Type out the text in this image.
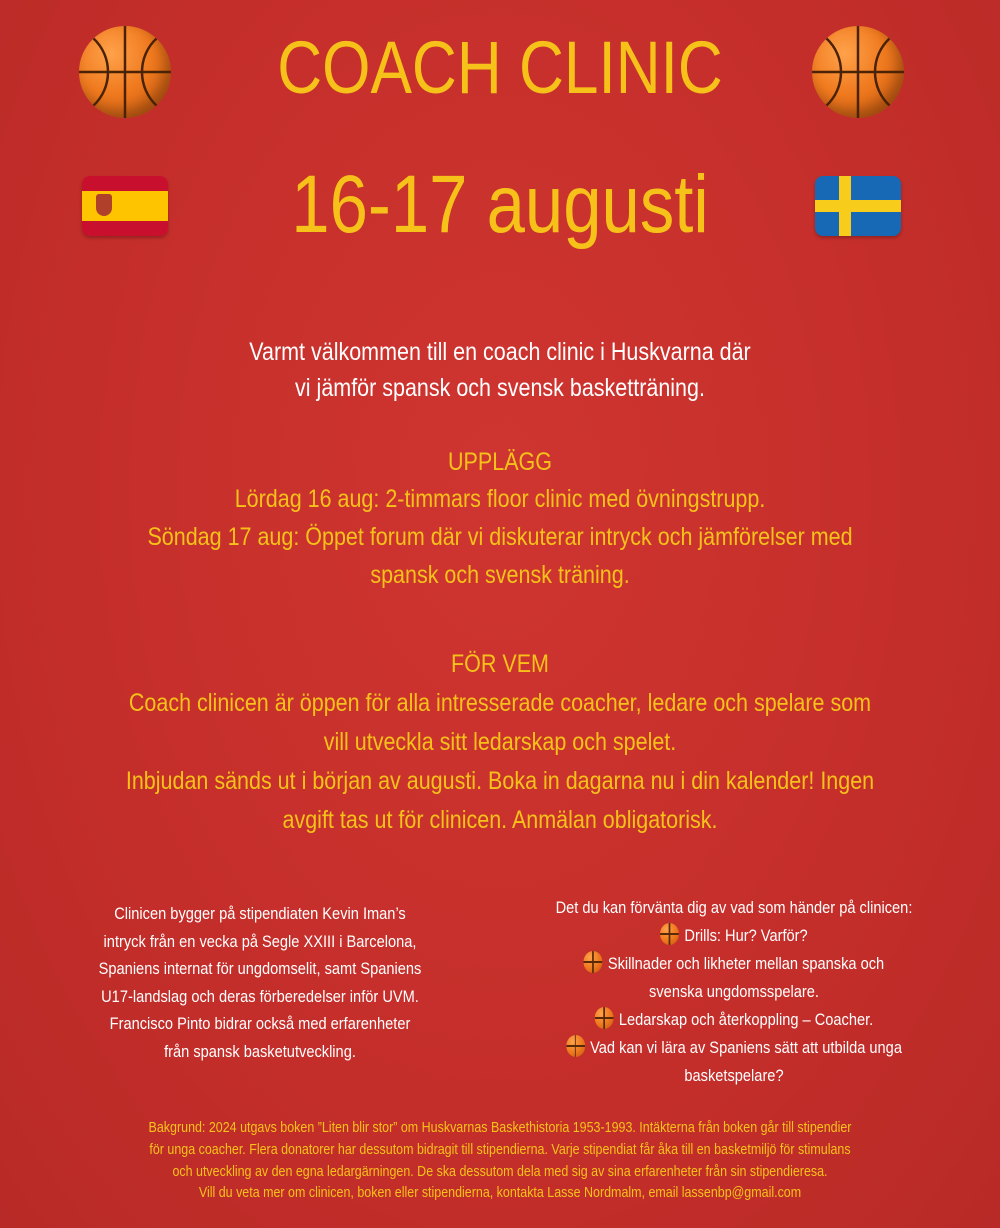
COACH CLINIC
16-17 augusti
Varmt välkommen till en coach clinic i Huskvarna där
vi jämför spansk och svensk basketträning.
UPPLÄGG
Lördag 16 aug: 2-timmars floor clinic med övningstrupp.
Söndag 17 aug: Öppet forum där vi diskuterar intryck och jämförelser med
spansk och svensk träning.
FÖR VEM
Coach clinicen är öppen för alla intresserade coacher, ledare och spelare som
vill utveckla sitt ledarskap och spelet.
Inbjudan sänds ut i början av augusti. Boka in dagarna nu i din kalender! Ingen
avgift tas ut för clinicen. Anmälan obligatorisk.
Clinicen bygger på stipendiaten Kevin Iman’s
intryck från en vecka på Segle XXIII i Barcelona,
Spaniens internat för ungdomselit, samt Spaniens
U17-landslag och deras förberedelser inför UVM.
Francisco Pinto bidrar också med erfarenheter
från spansk basketutveckling.
Det du kan förvänta dig av vad som händer på clinicen:
Drills: Hur? Varför?
Skillnader och likheter mellan spanska och
svenska ungdomsspelare.
Ledarskap och återkoppling – Coacher.
Vad kan vi lära av Spaniens sätt att utbilda unga
basketspelare?
Bakgrund: 2024 utgavs boken ”Liten blir stor” om Huskvarnas Baskethistoria 1953-1993. Intäkterna från boken går till stipendier
för unga coacher. Flera donatorer har dessutom bidragit till stipendierna. Varje stipendiat får åka till en basketmiljö för stimulans
och utveckling av den egna ledargärningen. De ska dessutom dela med sig av sina erfarenheter från sin stipendieresa.
Vill du veta mer om clinicen, boken eller stipendierna, kontakta Lasse Nordmalm, email lassenbp@gmail.com
